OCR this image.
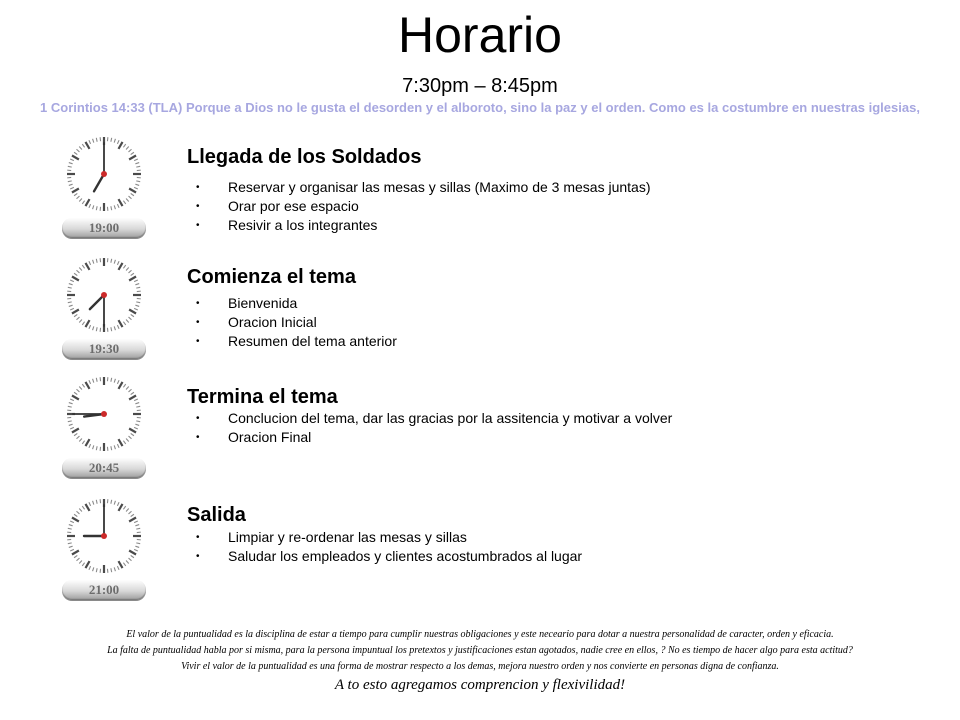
Horario
7:30pm – 8:45pm
1 Corintios 14:33 (TLA) Porque a Dios no le gusta el desorden y el alboroto, sino la paz y el orden. Como es la costumbre en nuestras iglesias,
19:00
Llegada de los Soldados
• Reservar y organisar las mesas y sillas (Maximo de 3 mesas juntas)
• Orar por ese espacio
• Resivir a los integrantes
19:30
Comienza el tema
• Bienvenida
• Oracion Inicial
• Resumen del tema anterior
20:45
Termina el tema
• Conclucion del tema, dar las gracias por la assitencia y motivar a volver
• Oracion Final
21:00
Salida
• Limpiar y re-ordenar las mesas y sillas
• Saludar los empleados y clientes acostumbrados al lugar
El valor de la puntualidad es la disciplina de estar a tiempo para cumplir nuestras obligaciones y este neceario para dotar a nuestra personalidad de caracter, orden y eficacia.
La falta de puntualidad habla por si misma, para la persona impuntual los pretextos y justificaciones estan agotados, nadie cree en ellos, ? No es tiempo de hacer algo para esta actitud?
Vivir el valor de la puntualidad es una forma de mostrar respecto a los demas, mejora nuestro orden y nos convierte en personas digna de confianza.
A to esto agregamos comprencion y flexivilidad!
